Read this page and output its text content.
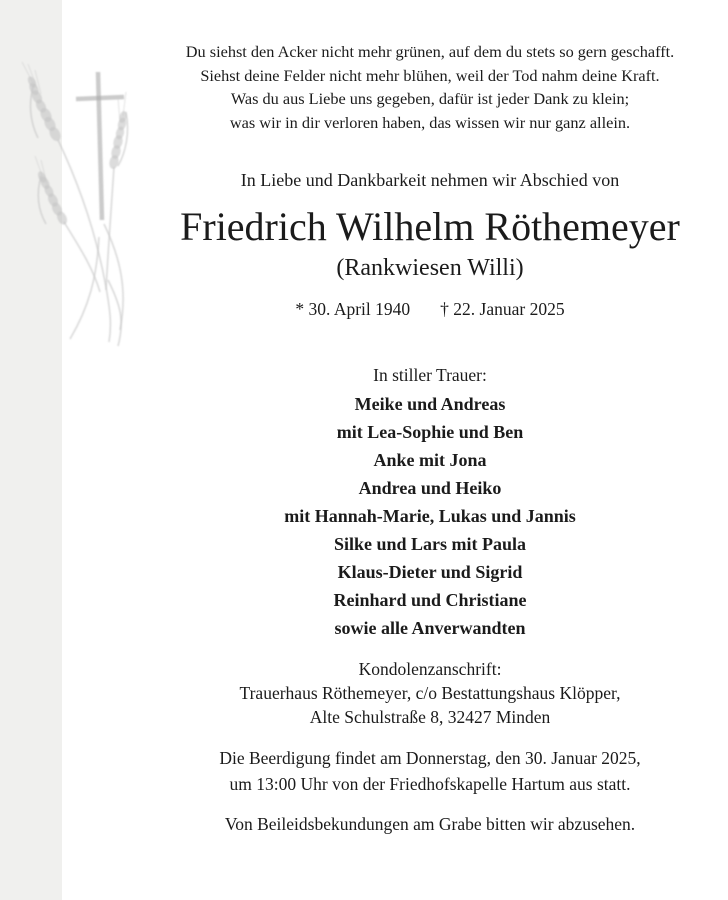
Du siehst den Acker nicht mehr grünen, auf dem du stets so gern geschafft.
Siehst deine Felder nicht mehr blühen, weil der Tod nahm deine Kraft.
Was du aus Liebe uns gegeben, dafür ist jeder Dank zu klein;
was wir in dir verloren haben, das wissen wir nur ganz allein.
In Liebe und Dankbarkeit nehmen wir Abschied von
Friedrich Wilhelm Röthemeyer
(Rankwiesen Willi)
* 30. April 1940 † 22. Januar 2025
In stiller Trauer:
Meike und Andreas
mit Lea-Sophie und Ben
Anke mit Jona
Andrea und Heiko
mit Hannah-Marie, Lukas und Jannis
Silke und Lars mit Paula
Klaus-Dieter und Sigrid
Reinhard und Christiane
sowie alle Anverwandten
Kondolenzanschrift:
Trauerhaus Röthemeyer, c/o Bestattungshaus Klöpper,
Alte Schulstraße 8, 32427 Minden
Die Beerdigung findet am Donnerstag, den 30. Januar 2025,
um 13:00 Uhr von der Friedhofskapelle Hartum aus statt.
Von Beileidsbekundungen am Grabe bitten wir abzusehen.
